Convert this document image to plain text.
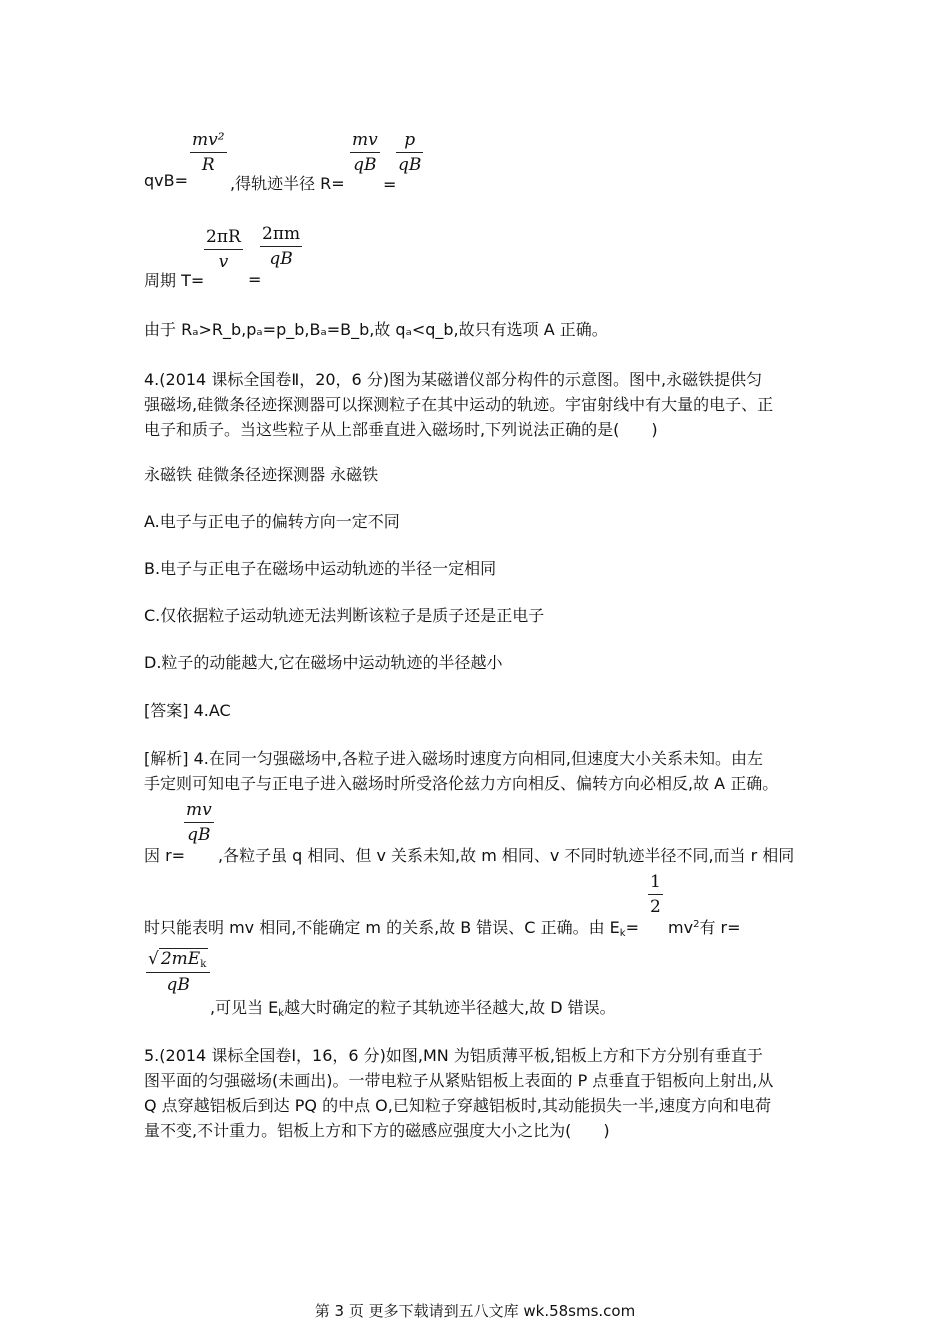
qvB=
mv²
R
,得轨迹半径 R=
mv
qB
=
p
qB
周期 T=
2πR
v
=
2πm
qB
由于 Rₐ>R_b,pₐ=p_b,Bₐ=B_b,故 qₐ<q_b,故只有选项 A 正确。
4.(2014 课标全国卷Ⅱ，20，6 分)图为某磁谱仪部分构件的示意图。图中,永磁铁提供匀
强磁场,硅微条径迹探测器可以探测粒子在其中运动的轨迹。宇宙射线中有大量的电子、正
电子和质子。当这些粒子从上部垂直进入磁场时,下列说法正确的是(　　)
永磁铁 硅微条径迹探测器 永磁铁
A.电子与正电子的偏转方向一定不同
B.电子与正电子在磁场中运动轨迹的半径一定相同
C.仅依据粒子运动轨迹无法判断该粒子是质子还是正电子
D.粒子的动能越大,它在磁场中运动轨迹的半径越小
[答案] 4.AC
[解析] 4.在同一匀强磁场中,各粒子进入磁场时速度方向相同,但速度大小关系未知。由左
手定则可知电子与正电子进入磁场时所受洛伦兹力方向相反、偏转方向必相反,故 A 正确。
因 r=
mv
qB
,各粒子虽 q 相同、但 v 关系未知,故 m 相同、v 不同时轨迹半径不同,而当 r 相同
时只能表明 mv 相同,不能确定 m 的关系,故 B 错误、C 正确。由 $E_k=$
1
2
$mv^2$有 r=
√ $2mE_k$
qB
,可见当 $E_k$越大时确定的粒子其轨迹半径越大,故 D 错误。
5.(2014 课标全国卷Ⅰ，16，6 分)如图,MN 为铝质薄平板,铝板上方和下方分别有垂直于
图平面的匀强磁场(未画出)。一带电粒子从紧贴铝板上表面的 P 点垂直于铝板向上射出,从
Q 点穿越铝板后到达 PQ 的中点 O,已知粒子穿越铝板时,其动能损失一半,速度方向和电荷
量不变,不计重力。铝板上方和下方的磁感应强度大小之比为(　　)
第 3 页 更多下载请到五八文库 wk.58sms.com
